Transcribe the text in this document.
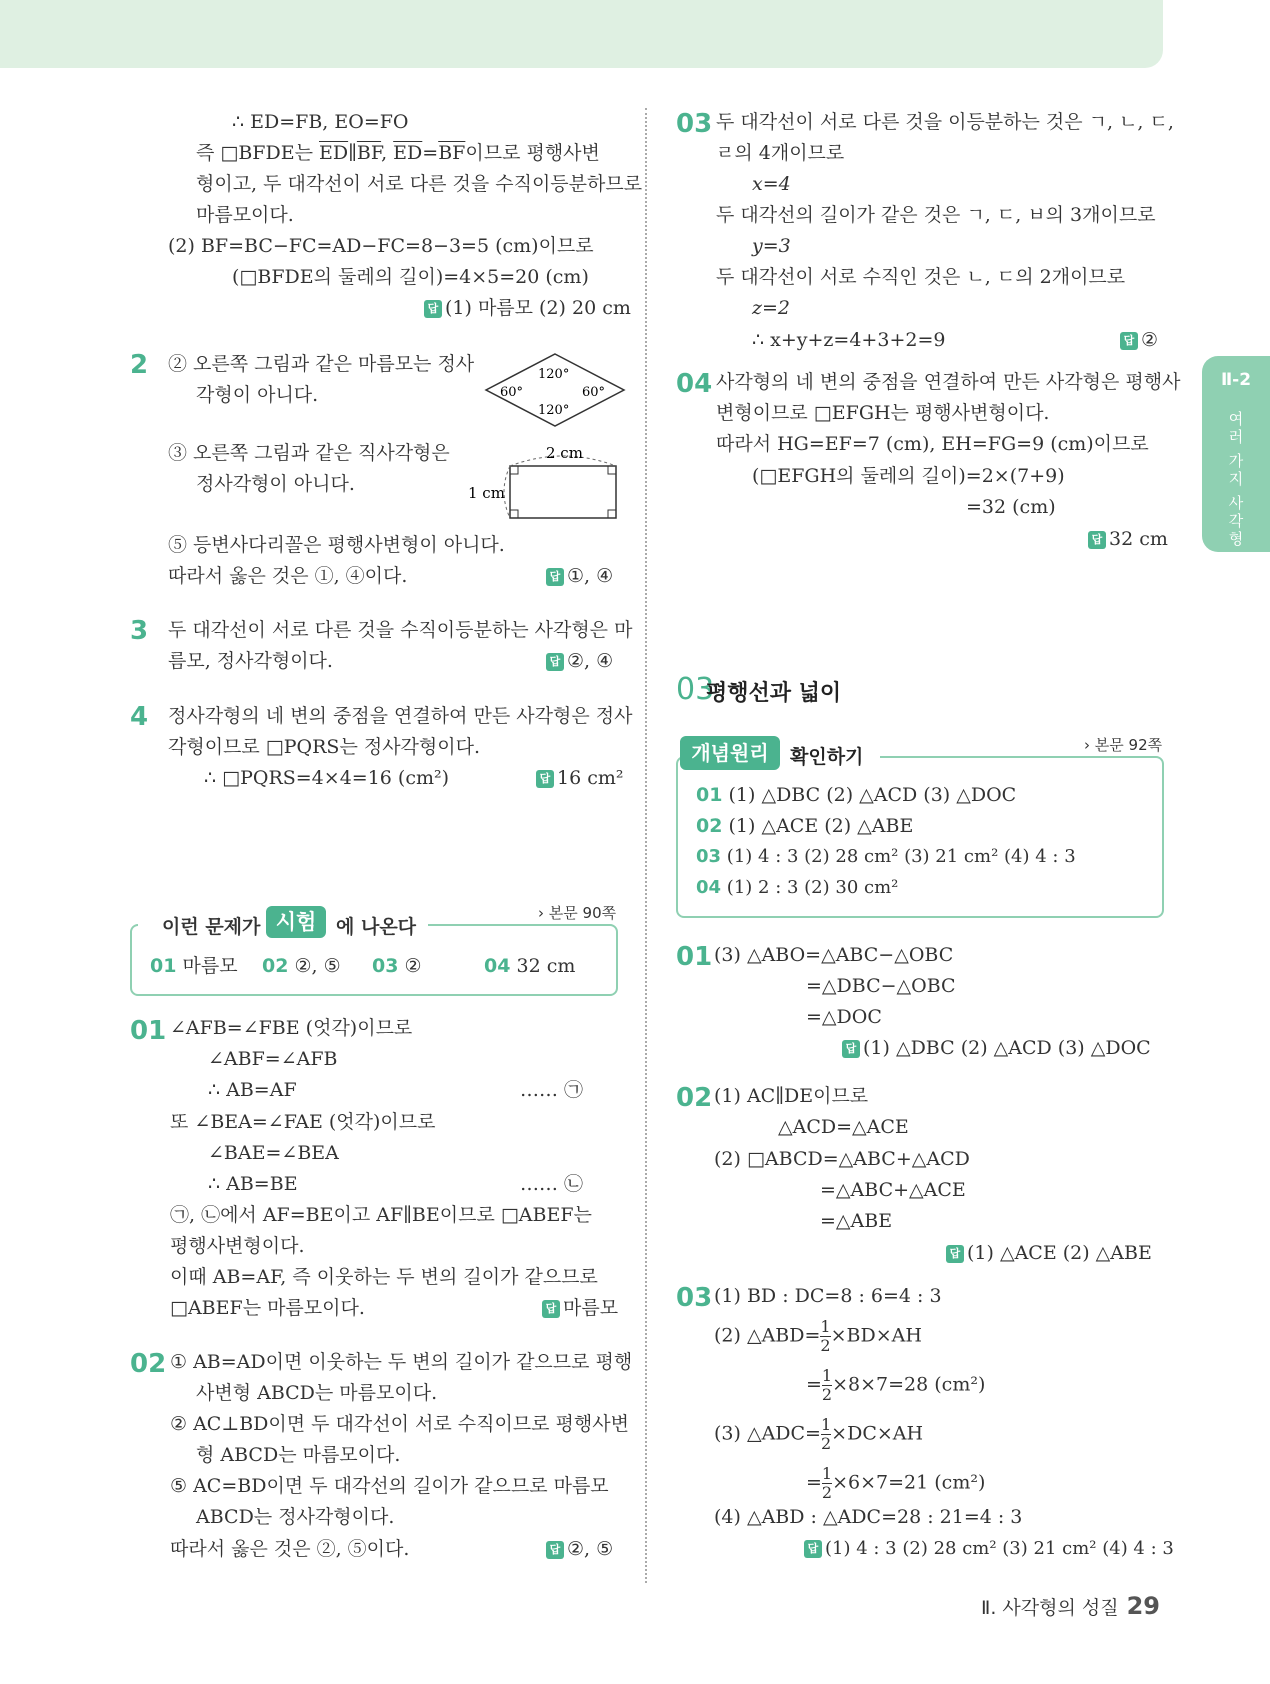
Ⅱ-2
여
러
가
지
사
각
형
∴ ED=FB, EO=FO
즉 □BFDE는 $\overline{ED}\parallel\overline{BF}$, $\overline{ED}=\overline{BF}$이므로 평행사변
형이고, 두 대각선이 서로 다른 것을 수직이등분하므로
마름모이다.
(2) BF=BC−FC=AD−FC=8−3=5 (cm)이므로
(□BFDE의 둘레의 길이)=4×5=20 (cm)
답 (1) 마름모 (2) 20 cm
2 ② 오른쪽 그림과 같은 마름모는 정사
각형이 아니다.
120°
120°
60°	60°
③ 오른쪽 그림과 같은 직사각형은
정사각형이 아니다.
2 cm
1 cm
⑤ 등변사다리꼴은 평행사변형이 아니다.
따라서 옳은 것은 ①, ④이다.	답 ①, ④
3 두 대각선이 서로 다른 것을 수직이등분하는 사각형은 마
름모, 정사각형이다.	답 ②, ④
4 정사각형의 네 변의 중점을 연결하여 만든 사각형은 정사
각형이므로 □PQRS는 정사각형이다.
∴ □PQRS=4×4=16 (cm²)	답 16 cm²
이런 문제가 시험	에 나온다
› 본문 90쪽
01 마름모 02 ②, ⑤ 03 ②	04 32 cm
01 ∠AFB=∠FBE (엇각)이므로
∠ABF=∠AFB
∴ AB=AF	…… ㉠
또 ∠BEA=∠FAE (엇각)이므로
∠BAE=∠BEA
∴ AB=BE	…… ㉡
㉠, ㉡에서 AF=BE이고 AF∥BE이므로 □ABEF는
평행사변형이다.
이때 AB=AF, 즉 이웃하는 두 변의 길이가 같으므로
□ABEF는 마름모이다.	답 마름모
02 ① AB=AD이면 이웃하는 두 변의 길이가 같으므로 평행
사변형 ABCD는 마름모이다.
② AC⊥BD이면 두 대각선이 서로 수직이므로 평행사변
형 ABCD는 마름모이다.
⑤ AC=BD이면 두 대각선의 길이가 같으므로 마름모
ABCD는 정사각형이다.
따라서 옳은 것은 ②, ⑤이다.	답 ②, ⑤
03 두 대각선이 서로 다른 것을 이등분하는 것은 ㄱ, ㄴ, ㄷ,
ㄹ의 4개이므로
x=4
두 대각선의 길이가 같은 것은 ㄱ, ㄷ, ㅂ의 3개이므로
y=3
두 대각선이 서로 수직인 것은 ㄴ, ㄷ의 2개이므로
z=2
∴ x+y+z=4+3+2=9	답 ②
04 사각형의 네 변의 중점을 연결하여 만든 사각형은 평행사
변형이므로 □EFGH는 평행사변형이다.
따라서 HG=EF=7 (cm), EH=FG=9 (cm)이므로
(□EFGH의 둘레의 길이)=2×(7+9)
=32 (cm)
답 32 cm
03
평행선과 넓이
개념원리	확인하기
› 본문 92쪽
01 (1) △DBC (2) △ACD (3) △DOC
02 (1) △ACE (2) △ABE
03 (1) 4 : 3 (2) 28 cm² (3) 21 cm² (4) 4 : 3
04 (1) 2 : 3 (2) 30 cm²
01 (3) △ABO=△ABC−△OBC
=△DBC−△OBC
=△DOC
답 (1) △DBC (2) △ACD (3) △DOC
02 (1) AC∥DE이므로
△ACD=△ACE
(2) □ABCD=△ABC+△ACD
=△ABC+△ACE
=△ABE
답 (1) △ACE (2) △ABE
03 (1) BD : DC=8 : 6=4 : 3
(2) △ABD= $\frac{1}{2} \times BD\times AH$
= $\frac{1}{2} \times 8\times 7=28$ (cm²)
(3) △ADC= $\frac{1}{2} \times DC\times AH$
= $\frac{1}{2} \times 6\times 7=21$ (cm²)
(4) △ABD : △ADC=28 : 21=4 : 3
답 (1) 4 : 3 (2) 28 cm² (3) 21 cm² (4) 4 : 3
Ⅱ. 사각형의 성질 29
